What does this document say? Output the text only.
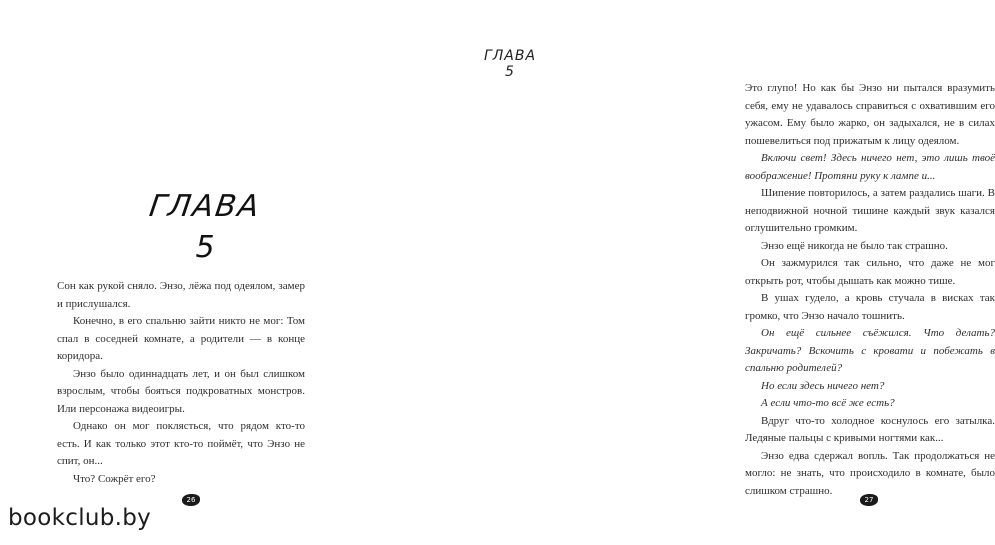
ГЛАВА
5

Сон как рукой сняло. Энзо, лёжа под одеялом, замер и прислушался.

Конечно, в его спальню зайти никто не мог: Том спал в соседней комнате, а родители — в конце коридора.

Энзо было одиннадцать лет, и он был слишком взрослым, чтобы бояться подкроватных монстров. Или персонажа видеоигры.

Однако он мог поклясться, что рядом кто-то есть. И как только этот кто-то поймёт, что Энзо не спит, он...

Что? Сожрёт его?

26

Это глупо! Но как бы Энзо ни пытался вразумить себя, ему не удавалось справиться с охватившим его ужасом. Ему было жарко, он задыхался, не в силах пошевелиться под прижатым к лицу одеялом.

Включи свет! Здесь ничего нет, это лишь твоё воображение! Протяни руку к лампе и...

Шипение повторилось, а затем раздались шаги. В неподвижной ночной тишине каждый звук казался оглушительно громким.

Энзо ещё никогда не было так страшно.

Он зажмурился так сильно, что даже не мог открыть рот, чтобы дышать как можно тише.

В ушах гудело, а кровь стучала в висках так громко, что Энзо начало тошнить.

Он ещё сильнее съёжился. Что делать? Закричать? Вскочить с кровати и побежать в спальню родителей?

Но если здесь ничего нет?

А если что-то всё же есть?

Вдруг что-то холодное коснулось его затылка. Ледяные пальцы с кривыми ногтями как...

Энзо едва сдержал вопль. Так продолжаться не могло: не знать, что происходило в комнате, было слишком страшно.

27
ГЛАВА 5
bookclub.by
